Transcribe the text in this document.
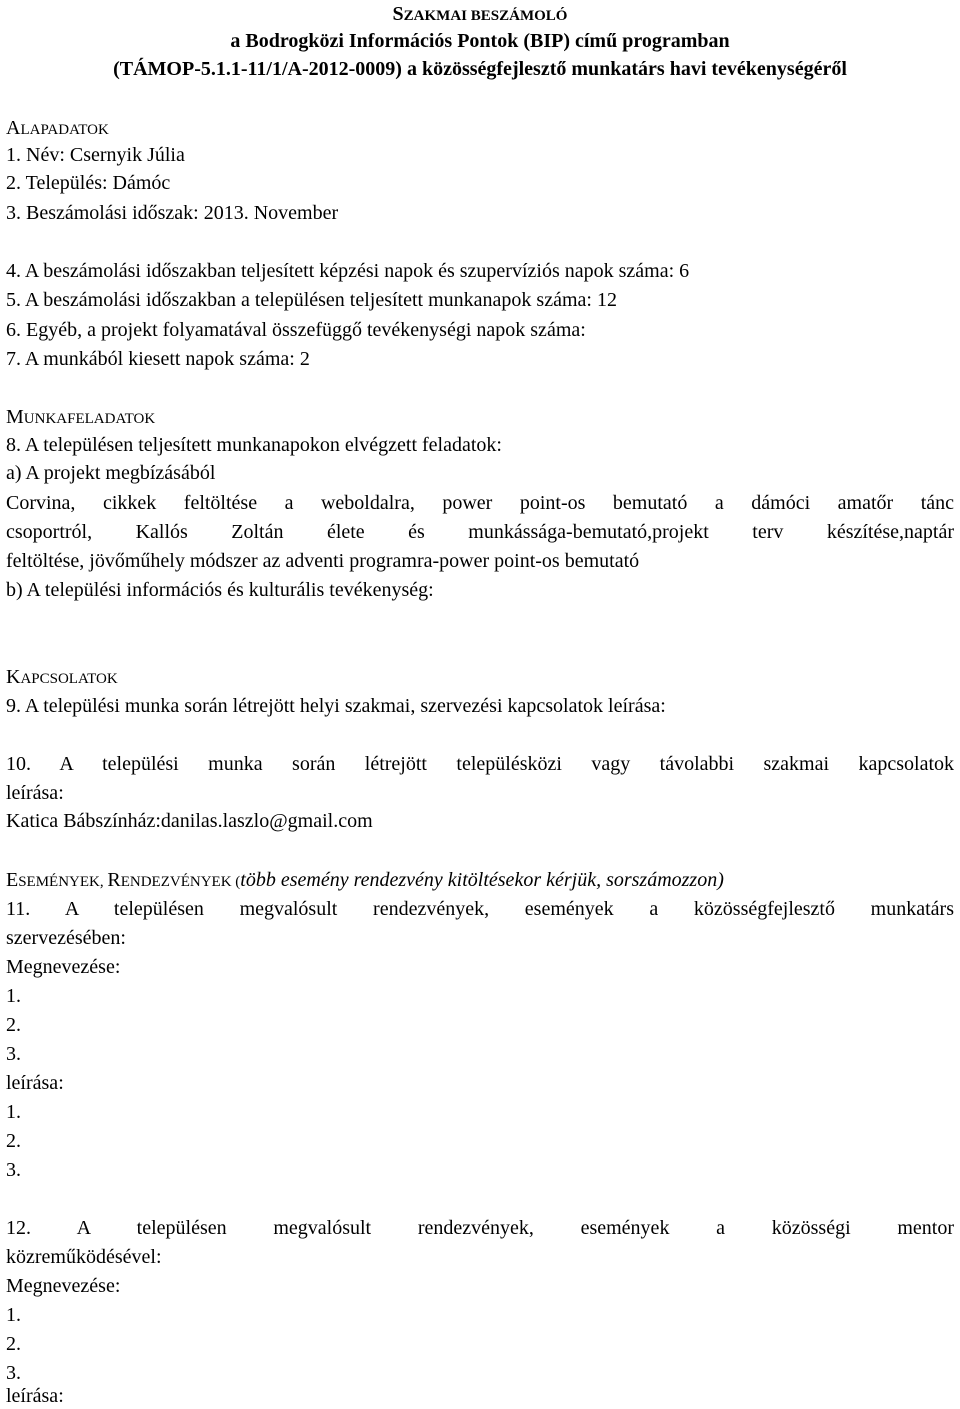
SZAKMAI BESZÁMOLÓ
a Bodrogközi Információs Pontok (BIP) című programban
(TÁMOP-5.1.1-11/1/A-2012-0009) a közösségfejlesztő munkatárs havi tevékenységéről
ALAPADATOK
1. Név: Csernyik Júlia
2. Település: Dámóc
3. Beszámolási időszak: 2013. November
4. A beszámolási időszakban teljesített képzési napok és szupervíziós napok száma: 6
5. A beszámolási időszakban a településen teljesített munkanapok száma: 12
6. Egyéb, a projekt folyamatával összefüggő tevékenységi napok száma:
7. A munkából kiesett napok száma: 2
MUNKAFELADATOK
8. A településen teljesített munkanapokon elvégzett feladatok:
a) A projekt megbízásából
Corvina, cikkek feltöltése a weboldalra, power point-os bemutató a dámóci amatőr tánc
csoportról, Kallós Zoltán élete és munkássága-bemutató,projekt terv készítése,naptár
feltöltése, jövőműhely módszer az adventi programra-power point-os bemutató
b) A települési információs és kulturális tevékenység:
KAPCSOLATOK
9. A települési munka során létrejött helyi szakmai, szervezési kapcsolatok leírása:
10. A települési munka során létrejött településközi vagy távolabbi szakmai kapcsolatok
leírása:
Katica Bábszínház:danilas.laszlo@gmail.com
ESEMÉNYEK, RENDEZVÉNYEK (több esemény rendezvény kitöltésekor kérjük, sorszámozzon)
11. A településen megvalósult rendezvények, események a közösségfejlesztő munkatárs
szervezésében:
Megnevezése:
1.
2.
3.
leírása:
1.
2.
3.
12. A településen megvalósult rendezvények, események a közösségi mentor
közreműködésével:
Megnevezése:
1.
2.
3.
leírása:
